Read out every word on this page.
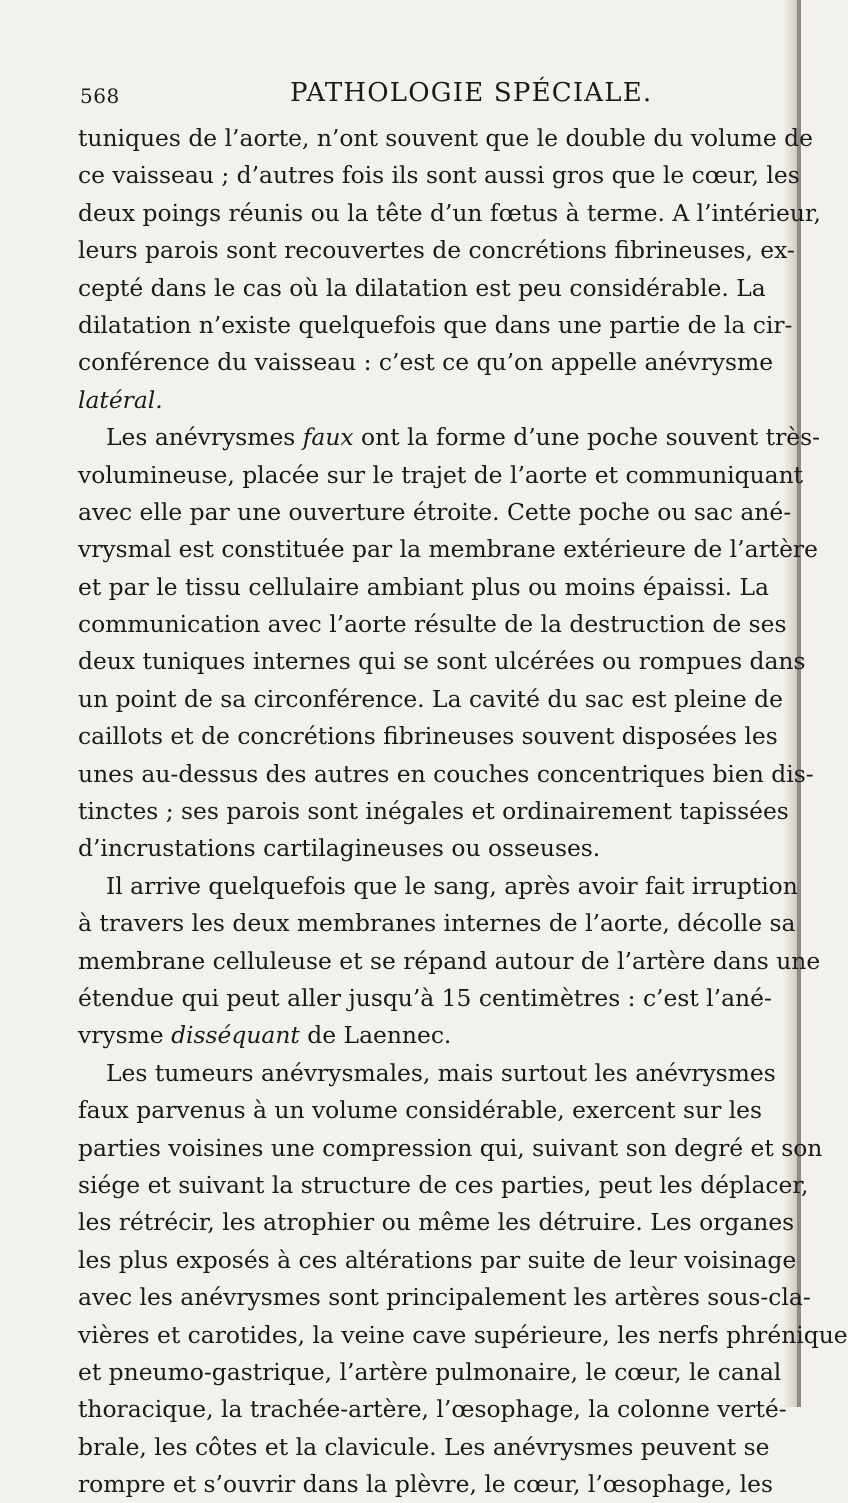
568	PATHOLOGIE SPÉCIALE.
tuniques de l’aorte, n’ont souvent que le double du volume de
ce vaisseau ; d’autres fois ils sont aussi gros que le cœur, les
deux poings réunis ou la tête d’un fœtus à terme. A l’intérieur,
leurs parois sont recouvertes de concrétions fibrineuses, ex-
cepté dans le cas où la dilatation est peu considérable. La
dilatation n’existe quelquefois que dans une partie de la cir-
conférence du vaisseau : c’est ce qu’on appelle anévrysme
latéral.
Les anévrysmes faux ont la forme d’une poche souvent très-
volumineuse, placée sur le trajet de l’aorte et communiquant
avec elle par une ouverture étroite. Cette poche ou sac ané-
vrysmal est constituée par la membrane extérieure de l’artère
et par le tissu cellulaire ambiant plus ou moins épaissi. La
communication avec l’aorte résulte de la destruction de ses
deux tuniques internes qui se sont ulcérées ou rompues dans
un point de sa circonférence. La cavité du sac est pleine de
caillots et de concrétions fibrineuses souvent disposées les
unes au-dessus des autres en couches concentriques bien dis-
tinctes ; ses parois sont inégales et ordinairement tapissées
d’incrustations cartilagineuses ou osseuses.
Il arrive quelquefois que le sang, après avoir fait irruption
à travers les deux membranes internes de l’aorte, décolle sa
membrane celluleuse et se répand autour de l’artère dans une
étendue qui peut aller jusqu’à 15 centimètres : c’est l’ané-
vrysme disséquant de Laennec.
Les tumeurs anévrysmales, mais surtout les anévrysmes
faux parvenus à un volume considérable, exercent sur les
parties voisines une compression qui, suivant son degré et son
siége et suivant la structure de ces parties, peut les déplacer,
les rétrécir, les atrophier ou même les détruire. Les organes
les plus exposés à ces altérations par suite de leur voisinage
avec les anévrysmes sont principalement les artères sous-cla-
vières et carotides, la veine cave supérieure, les nerfs phrénique
et pneumo-gastrique, l’artère pulmonaire, le cœur, le canal
thoracique, la trachée-artère, l’œsophage, la colonne verté-
brale, les côtes et la clavicule. Les anévrysmes peuvent se
rompre et s’ouvrir dans la plèvre, le cœur, l’œsophage, les
